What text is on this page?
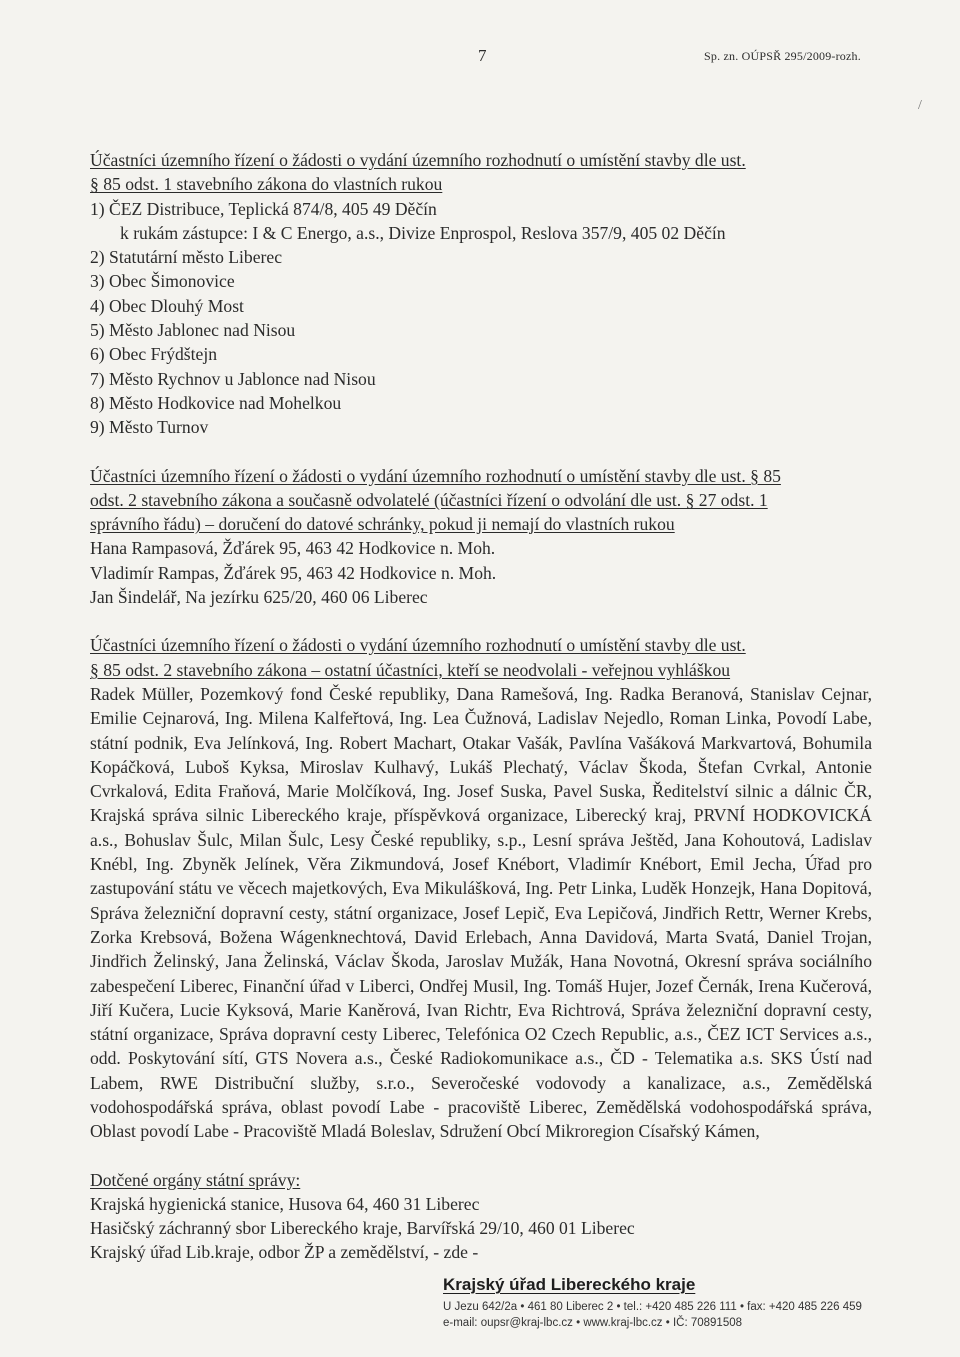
7	Sp. zn. OÚPSŘ 295/2009-rozh.
/
Účastníci územního řízení o žádosti o vydání územního rozhodnutí o umístění stavby dle ust.
§ 85 odst. 1 stavebního zákona do vlastních rukou
1) ČEZ Distribuce, Teplická 874/8, 405 49 Děčín
k rukám zástupce: I & C Energo, a.s., Divize Enprospol, Reslova 357/9, 405 02 Děčín
2) Statutární město Liberec
3) Obec Šimonovice
4) Obec Dlouhý Most
5) Město Jablonec nad Nisou
6) Obec Frýdštejn
7) Město Rychnov u Jablonce nad Nisou
8) Město Hodkovice nad Mohelkou
9) Město Turnov
Účastníci územního řízení o žádosti o vydání územního rozhodnutí o umístění stavby dle ust. § 85
odst. 2 stavebního zákona a současně odvolatelé (účastníci řízení o odvolání dle ust. § 27 odst. 1
správního řádu) – doručení do datové schránky, pokud ji nemají do vlastních rukou
Hana Rampasová, Žďárek 95, 463 42 Hodkovice n. Moh.
Vladimír Rampas, Žďárek 95, 463 42 Hodkovice n. Moh.
Jan Šindelář, Na jezírku 625/20, 460 06 Liberec
Účastníci územního řízení o žádosti o vydání územního rozhodnutí o umístění stavby dle ust.
§ 85 odst. 2 stavebního zákona – ostatní účastníci, kteří se neodvolali - veřejnou vyhláškou
Radek Müller, Pozemkový fond České republiky, Dana Ramešová, Ing. Radka Beranová, Stanislav Cejnar, Emilie Cejnarová, Ing. Milena Kalfeřtová, Ing. Lea Čužnová, Ladislav Nejedlo, Roman Linka, Povodí Labe, státní podnik, Eva Jelínková, Ing. Robert Machart, Otakar Vašák, Pavlína Vašáková Markvartová, Bohumila Kopáčková, Luboš Kyksa, Miroslav Kulhavý, Lukáš Plechatý, Václav Škoda, Štefan Cvrkal, Antonie Cvrkalová, Edita Fraňová, Marie Molčíková, Ing. Josef Suska, Pavel Suska, Ředitelství silnic a dálnic ČR, Krajská správa silnic Libereckého kraje, příspěvková organizace, Liberecký kraj, PRVNÍ HODKOVICKÁ a.s., Bohuslav Šulc, Milan Šulc, Lesy České republiky, s.p., Lesní správa Ještěd, Jana Kohoutová, Ladislav Knébl, Ing. Zbyněk Jelínek, Věra Zikmundová, Josef Knébort, Vladimír Knébort, Emil Jecha, Úřad pro zastupování státu ve věcech majetkových, Eva Mikulášková, Ing. Petr Linka, Luděk Honzejk, Hana Dopitová, Správa železniční dopravní cesty, státní organizace, Josef Lepič, Eva Lepičová, Jindřich Rettr, Werner Krebs, Zorka Krebsová, Božena Wágenknechtová, David Erlebach, Anna Davidová, Marta Svatá, Daniel Trojan, Jindřich Želinský, Jana Želinská, Václav Škoda, Jaroslav Mužák, Hana Novotná, Okresní správa sociálního zabespečení Liberec, Finanční úřad v Liberci, Ondřej Musil, Ing. Tomáš Hujer, Jozef Černák, Irena Kučerová, Jiří Kučera, Lucie Kyksová, Marie Kaněrová, Ivan Richtr, Eva Richtrová, Správa železniční dopravní cesty, státní organizace, Správa dopravní cesty Liberec, Telefónica O2 Czech Republic, a.s., ČEZ ICT Services a.s., odd. Poskytování sítí, GTS Novera a.s., České Radiokomunikace a.s., ČD - Telematika a.s. SKS Ústí nad Labem, RWE Distribuční služby, s.r.o., Severočeské vodovody a kanalizace, a.s., Zemědělská vodohospodářská správa, oblast povodí Labe - pracoviště Liberec, Zemědělská vodohospodářská správa, Oblast povodí Labe - Pracoviště Mladá Boleslav, Sdružení Obcí Mikroregion Císařský Kámen,
Dotčené orgány státní správy:
Krajská hygienická stanice, Husova 64, 460 31 Liberec
Hasičský záchranný sbor Libereckého kraje, Barvířská 29/10, 460 01 Liberec
Krajský úřad Lib.kraje, odbor ŽP a zemědělství, - zde -
Krajský úřad Libereckého kraje
U Jezu 642/2a • 461 80 Liberec 2 • tel.: +420 485 226 111 • fax: +420 485 226 459
e-mail: oupsr@kraj-lbc.cz • www.kraj-lbc.cz • IČ: 70891508
